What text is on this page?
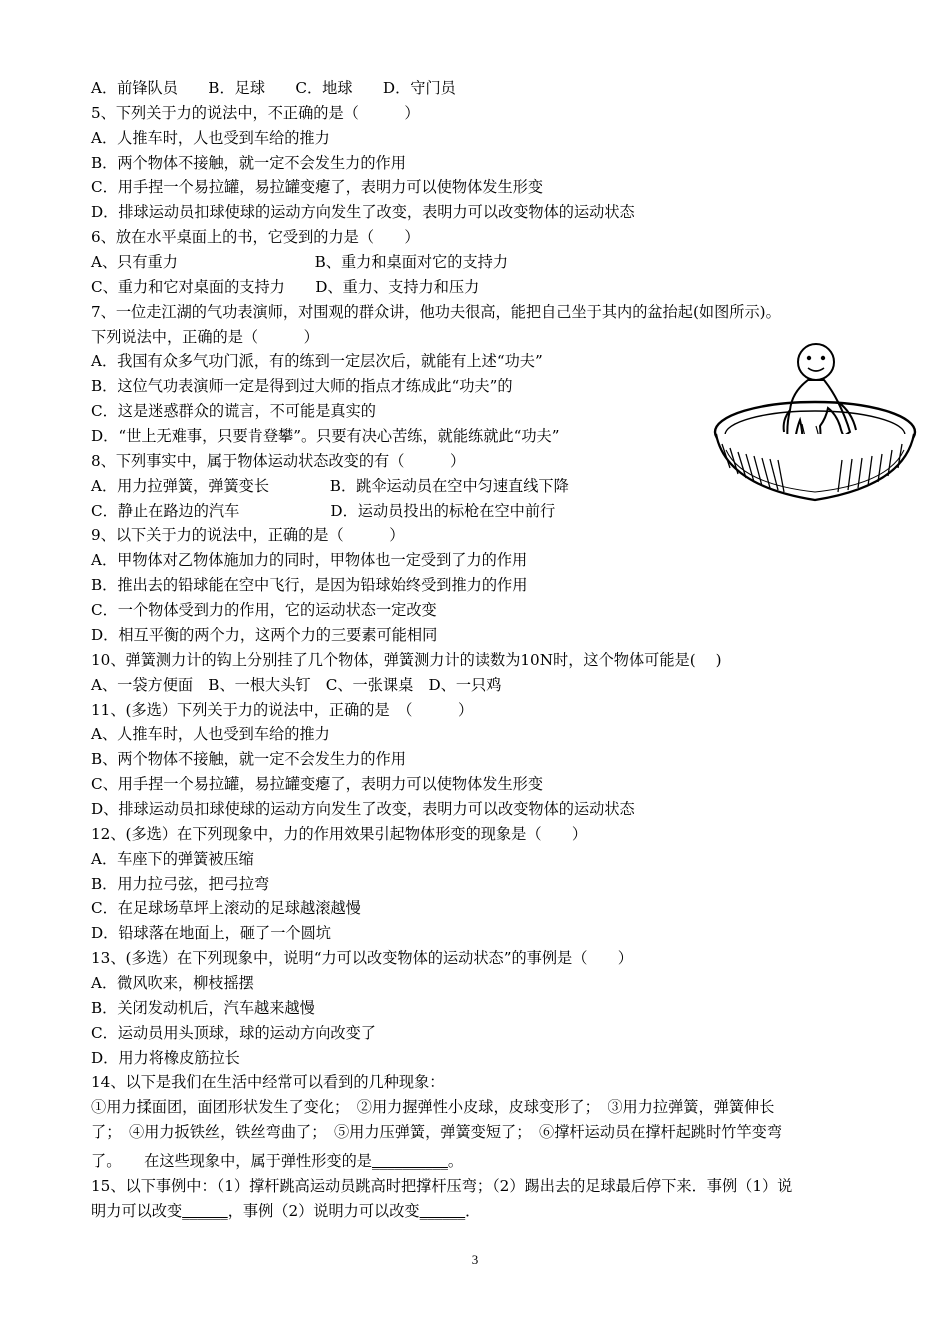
A．前锋队员　　B．足球　　C．地球　　D．守门员
5、下列关于力的说法中，不正确的是（　　　）
A．人推车时，人也受到车给的推力
B．两个物体不接触，就一定不会发生力的作用
C．用手捏一个易拉罐，易拉罐变瘪了，表明力可以使物体发生形变
D．排球运动员扣球使球的运动方向发生了改变，表明力可以改变物体的运动状态
6、放在水平桌面上的书，它受到的力是（　　）
A、只有重力　　　　　　　　　B、重力和桌面对它的支持力
C、重力和它对桌面的支持力　　D、重力、支持力和压力
7、一位走江湖的气功表演师，对围观的群众讲，他功夫很高，能把自己坐于其内的盆抬起(如图所示)。
下列说法中，正确的是（　　　）
A．我国有众多气功门派，有的练到一定层次后，就能有上述“功夫”
B．这位气功表演师一定是得到过大师的指点才练成此“功夫”的
C．这是迷惑群众的谎言，不可能是真实的
D．“世上无难事，只要肯登攀”。只要有决心苦练，就能练就此“功夫”
8、下列事实中，属于物体运动状态改变的有（　　　）
A．用力拉弹簧，弹簧变长　　　　B．跳伞运动员在空中匀速直线下降
C．静止在路边的汽车　　　　　　D．运动员投出的标枪在空中前行
9、以下关于力的说法中，正确的是（　　　）
A．甲物体对乙物体施加力的同时，甲物体也一定受到了力的作用
B．推出去的铅球能在空中飞行，是因为铅球始终受到推力的作用
C．一个物体受到力的作用，它的运动状态一定改变
D．相互平衡的两个力，这两个力的三要素可能相同
10、弹簧测力计的钩上分别挂了几个物体，弹簧测力计的读数为10N时，这个物体可能是(　 )
A、一袋方便面　B、一根大头钉　C、一张课桌　D、一只鸡
11、(多选）下列关于力的说法中，正确的是　（　　　）
A、人推车时，人也受到车给的推力
B、两个物体不接触，就一定不会发生力的作用
C、用手捏一个易拉罐，易拉罐变瘪了，表明力可以使物体发生形变
D、排球运动员扣球使球的运动方向发生了改变，表明力可以改变物体的运动状态
12、(多选）在下列现象中，力的作用效果引起物体形变的现象是（　　）
A．车座下的弹簧被压缩
B．用力拉弓弦，把弓拉弯
C．在足球场草坪上滚动的足球越滚越慢
D．铅球落在地面上，砸了一个圆坑
13、(多选）在下列现象中，说明“力可以改变物体的运动状态”的事例是（　　）
A．微风吹来，柳枝摇摆
B．关闭发动机后，汽车越来越慢
C．运动员用头顶球，球的运动方向改变了
D．用力将橡皮筋拉长
14、以下是我们在生活中经常可以看到的几种现象：
①用力揉面团，面团形状发生了变化；　②用力握弹性小皮球，皮球变形了；　③用力拉弹簧，弹簧伸长
了；　④用力扳铁丝，铁丝弯曲了；　⑤用力压弹簧，弹簧变短了；　⑥撑杆运动员在撑杆起跳时竹竿变弯
了。　　在这些现象中，属于弹性形变的是__________。
15、以下事例中：（1）撑杆跳高运动员跳高时把撑杆压弯；（2）踢出去的足球最后停下来．事例（1）说
明力可以改变______，事例（2）说明力可以改变______．
3
